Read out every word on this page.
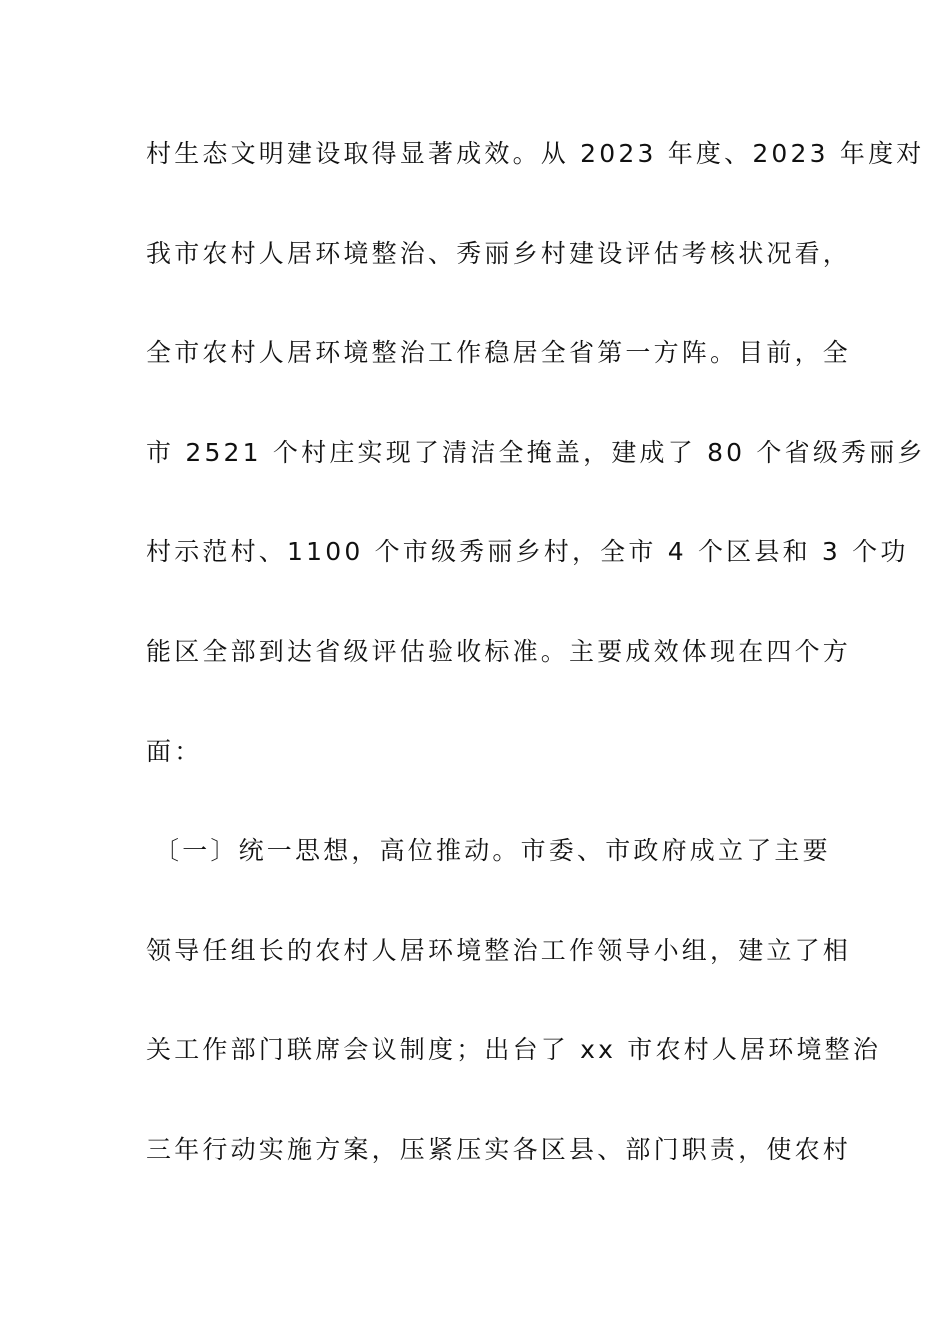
村生态文明建设取得显著成效。从 2023 年度、2023 年度对
我市农村人居环境整治、秀丽乡村建设评估考核状况看，
全市农村人居环境整治工作稳居全省第一方阵。目前，全
市 2521 个村庄实现了清洁全掩盖，建成了 80 个省级秀丽乡
村示范村、1100 个市级秀丽乡村，全市 4 个区县和 3 个功
能区全部到达省级评估验收标准。主要成效体现在四个方
面：
〔一〕统一思想，高位推动。市委、市政府成立了主要
领导任组长的农村人居环境整治工作领导小组，建立了相
关工作部门联席会议制度；出台了 xx 市农村人居环境整治
三年行动实施方案，压紧压实各区县、部门职责，使农村
